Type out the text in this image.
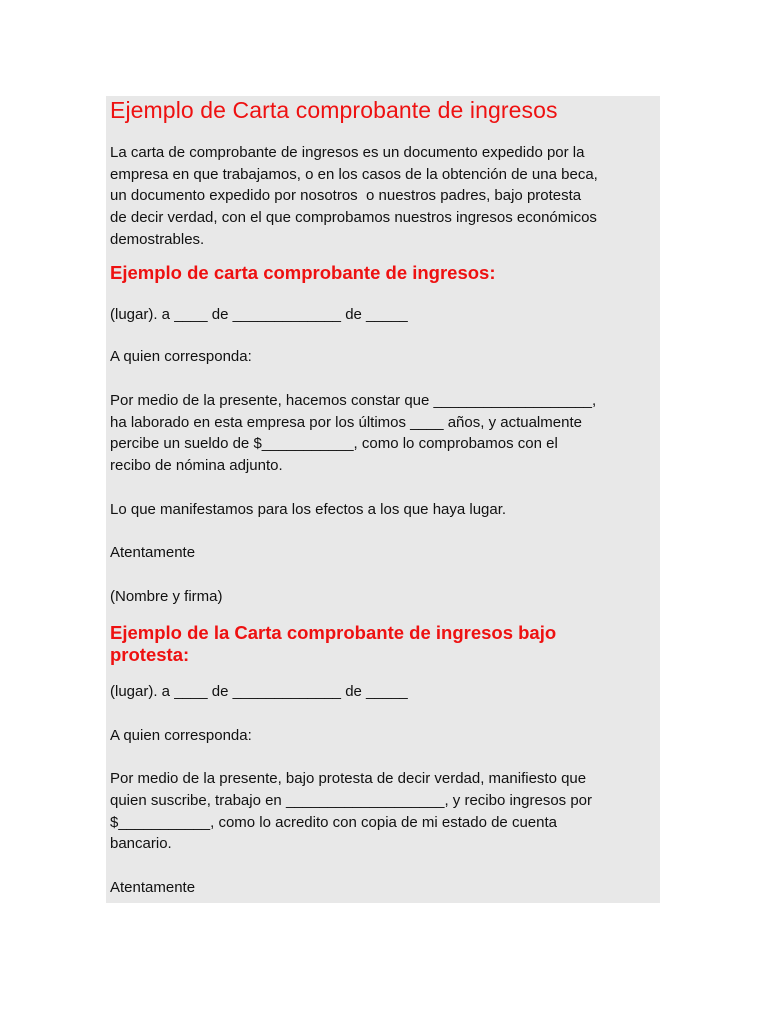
Ejemplo de Carta comprobante de ingresos

La carta de comprobante de ingresos es un documento expedido por la
empresa en que trabajamos, o en los casos de la obtención de una beca,
un documento expedido por nosotros  o nuestros padres, bajo protesta
de decir verdad, con el que comprobamos nuestros ingresos económicos
demostrables.

Ejemplo de carta comprobante de ingresos:

(lugar). a ____ de _____________ de _____

A quien corresponda:

Por medio de la presente, hacemos constar que ___________________,
ha laborado en esta empresa por los últimos ____ años, y actualmente
percibe un sueldo de $___________, como lo comprobamos con el
recibo de nómina adjunto.

Lo que manifestamos para los efectos a los que haya lugar.

Atentamente

(Nombre y firma)

Ejemplo de la Carta comprobante de ingresos bajo
protesta:

(lugar). a ____ de _____________ de _____

A quien corresponda:

Por medio de la presente, bajo protesta de decir verdad, manifiesto que
quien suscribe, trabajo en ___________________, y recibo ingresos por
$___________, como lo acredito con copia de mi estado de cuenta
bancario.

Atentamente
